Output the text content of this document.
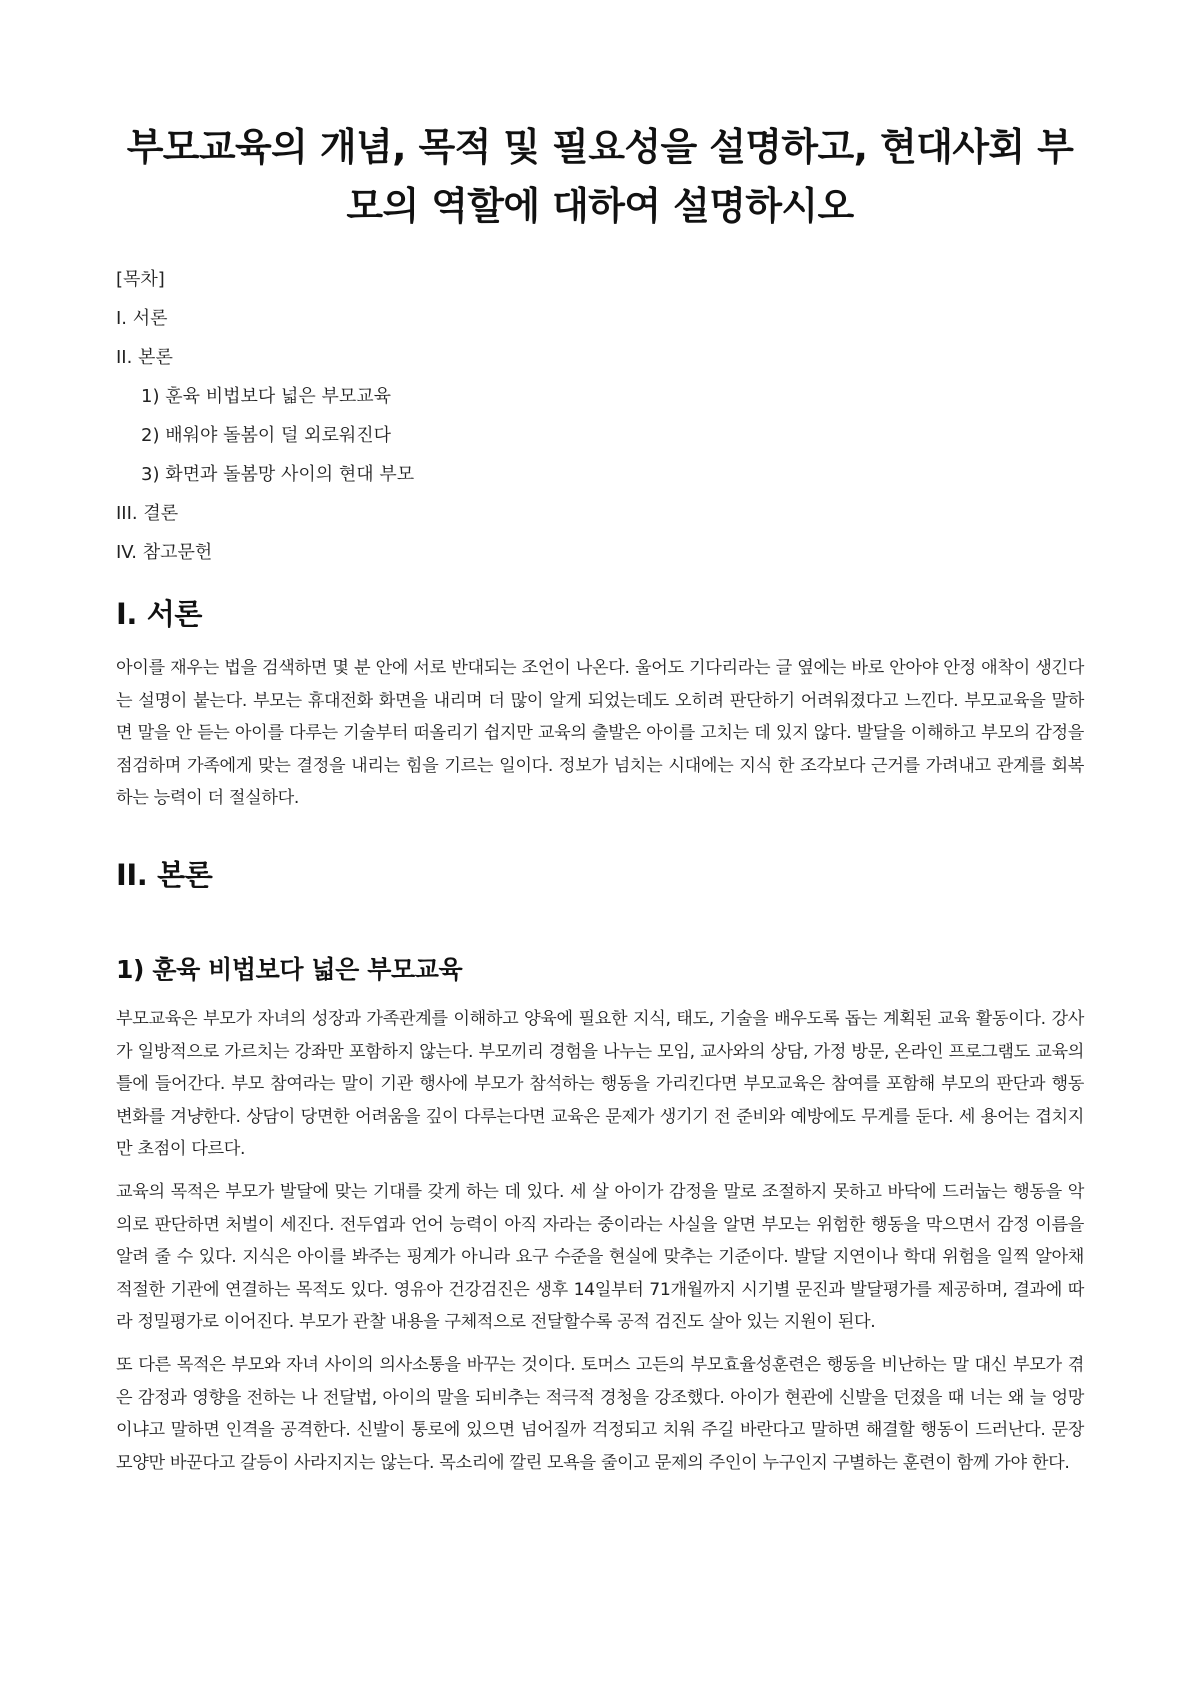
부모교육의 개념, 목적 및 필요성을 설명하고, 현대사회 부모의 역할에 대하여 설명하시오
[목차]
I. 서론
II. 본론
1) 훈육 비법보다 넓은 부모교육
2) 배워야 돌봄이 덜 외로워진다
3) 화면과 돌봄망 사이의 현대 부모
III. 결론
IV. 참고문헌
I. 서론

아이를 재우는 법을 검색하면 몇 분 안에 서로 반대되는 조언이 나온다. 울어도 기다리라는 글 옆에는 바로 안아야 안정 애착이 생긴다는 설명이 붙는다. 부모는 휴대전화 화면을 내리며 더 많이 알게 되었는데도 오히려 판단하기 어려워졌다고 느낀다. 부모교육을 말하면 말을 안 듣는 아이를 다루는 기술부터 떠올리기 쉽지만 교육의 출발은 아이를 고치는 데 있지 않다. 발달을 이해하고 부모의 감정을 점검하며 가족에게 맞는 결정을 내리는 힘을 기르는 일이다. 정보가 넘치는 시대에는 지식 한 조각보다 근거를 가려내고 관계를 회복하는 능력이 더 절실하다.

II. 본론
1) 훈육 비법보다 넓은 부모교육

부모교육은 부모가 자녀의 성장과 가족관계를 이해하고 양육에 필요한 지식, 태도, 기술을 배우도록 돕는 계획된 교육 활동이다. 강사가 일방적으로 가르치는 강좌만 포함하지 않는다. 부모끼리 경험을 나누는 모임, 교사와의 상담, 가정 방문, 온라인 프로그램도 교육의 틀에 들어간다. 부모 참여라는 말이 기관 행사에 부모가 참석하는 행동을 가리킨다면 부모교육은 참여를 포함해 부모의 판단과 행동 변화를 겨냥한다. 상담이 당면한 어려움을 깊이 다루는다면 교육은 문제가 생기기 전 준비와 예방에도 무게를 둔다. 세 용어는 겹치지만 초점이 다르다.

교육의 목적은 부모가 발달에 맞는 기대를 갖게 하는 데 있다. 세 살 아이가 감정을 말로 조절하지 못하고 바닥에 드러눕는 행동을 악의로 판단하면 처벌이 세진다. 전두엽과 언어 능력이 아직 자라는 중이라는 사실을 알면 부모는 위험한 행동을 막으면서 감정 이름을 알려 줄 수 있다. 지식은 아이를 봐주는 핑계가 아니라 요구 수준을 현실에 맞추는 기준이다. 발달 지연이나 학대 위험을 일찍 알아채 적절한 기관에 연결하는 목적도 있다. 영유아 건강검진은 생후 14일부터 71개월까지 시기별 문진과 발달평가를 제공하며, 결과에 따라 정밀평가로 이어진다. 부모가 관찰 내용을 구체적으로 전달할수록 공적 검진도 살아 있는 지원이 된다.

또 다른 목적은 부모와 자녀 사이의 의사소통을 바꾸는 것이다. 토머스 고든의 부모효율성훈련은 행동을 비난하는 말 대신 부모가 겪은 감정과 영향을 전하는 나 전달법, 아이의 말을 되비추는 적극적 경청을 강조했다. 아이가 현관에 신발을 던졌을 때 너는 왜 늘 엉망이냐고 말하면 인격을 공격한다. 신발이 통로에 있으면 넘어질까 걱정되고 치워 주길 바란다고 말하면 해결할 행동이 드러난다. 문장 모양만 바꾼다고 갈등이 사라지지는 않는다. 목소리에 깔린 모욕을 줄이고 문제의 주인이 누구인지 구별하는 훈련이 함께 가야 한다.
